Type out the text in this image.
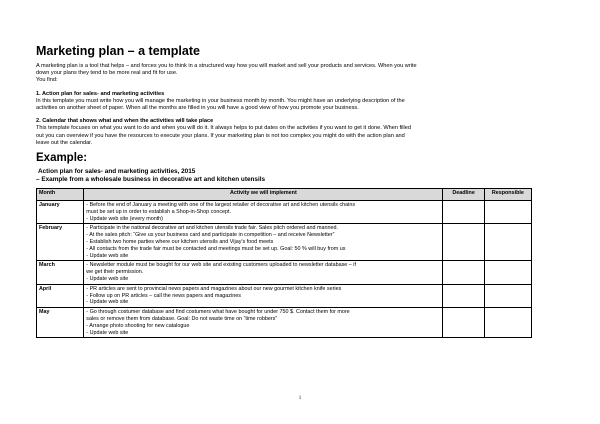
Marketing plan – a template

A marketing plan is a tool that helps – and forces you to think in a structured way how you will market and sell your products and services. When you write

down your plans they tend to be more real and fit for use.

You find:

1. Action plan for sales- and marketing activities

In this template you must write how you will manage the marketing in your business month by month. You might have an underlying description of the

activities on another sheet of paper. When all the months are filled in you will have a good view of how you promote your business.

2. Calendar that shows what and when the activities will take place

This template focuses on what you want to do and when you will do it. It always helps to put dates on the activities if you want to get it done. When filled

out you can overview if you have the resources to execute your plans. If your marketing plan is not too complex you might do with the action plan and

leave out the calendar.

Example:
Action plan for sales- and marketing activities, 2015
– Example from a wholesale business in decorative art and kitchen utensils
Month	Activity we will implement	Deadline	Responsible
January	- Before the end of January a meeting with one of the largest retailer of decorative art and kitchen utensils chains
must be set up in order to establish a Shop-in-Shop concept.
- Update web site (every month)		

February	- Participate in the national decorative art and kitchen utensils trade fair. Sales pitch ordered and manned.
- At the sales pitch: “Give us your business card and participate in competition – and receive Newsletter”
- Establish two home parties where our kitchen utensils and Vijay’s food meets
- All contacts from the trade fair must be contacted and meetings must be set up. Goal: 50 % will buy from us
- Update web site		

March	- Newsletter module must be bought for our web site and existing customers uploaded to newsletter database – if
we get their permission.
- Update web site		

April	- PR articles are sent to provincial news papers and magazines about our new gourmet kitchen knife series
- Follow up on PR articles – call the news papers and magazines
- Update web site		

May	- Go through costumer database and find costumers what have bought for under 750 $. Contact them for more
sales or remove them from database. Goal: Do not waste time on “time robbers”
- Arrange photo shooting for new catalogue
- Update web site		

1
